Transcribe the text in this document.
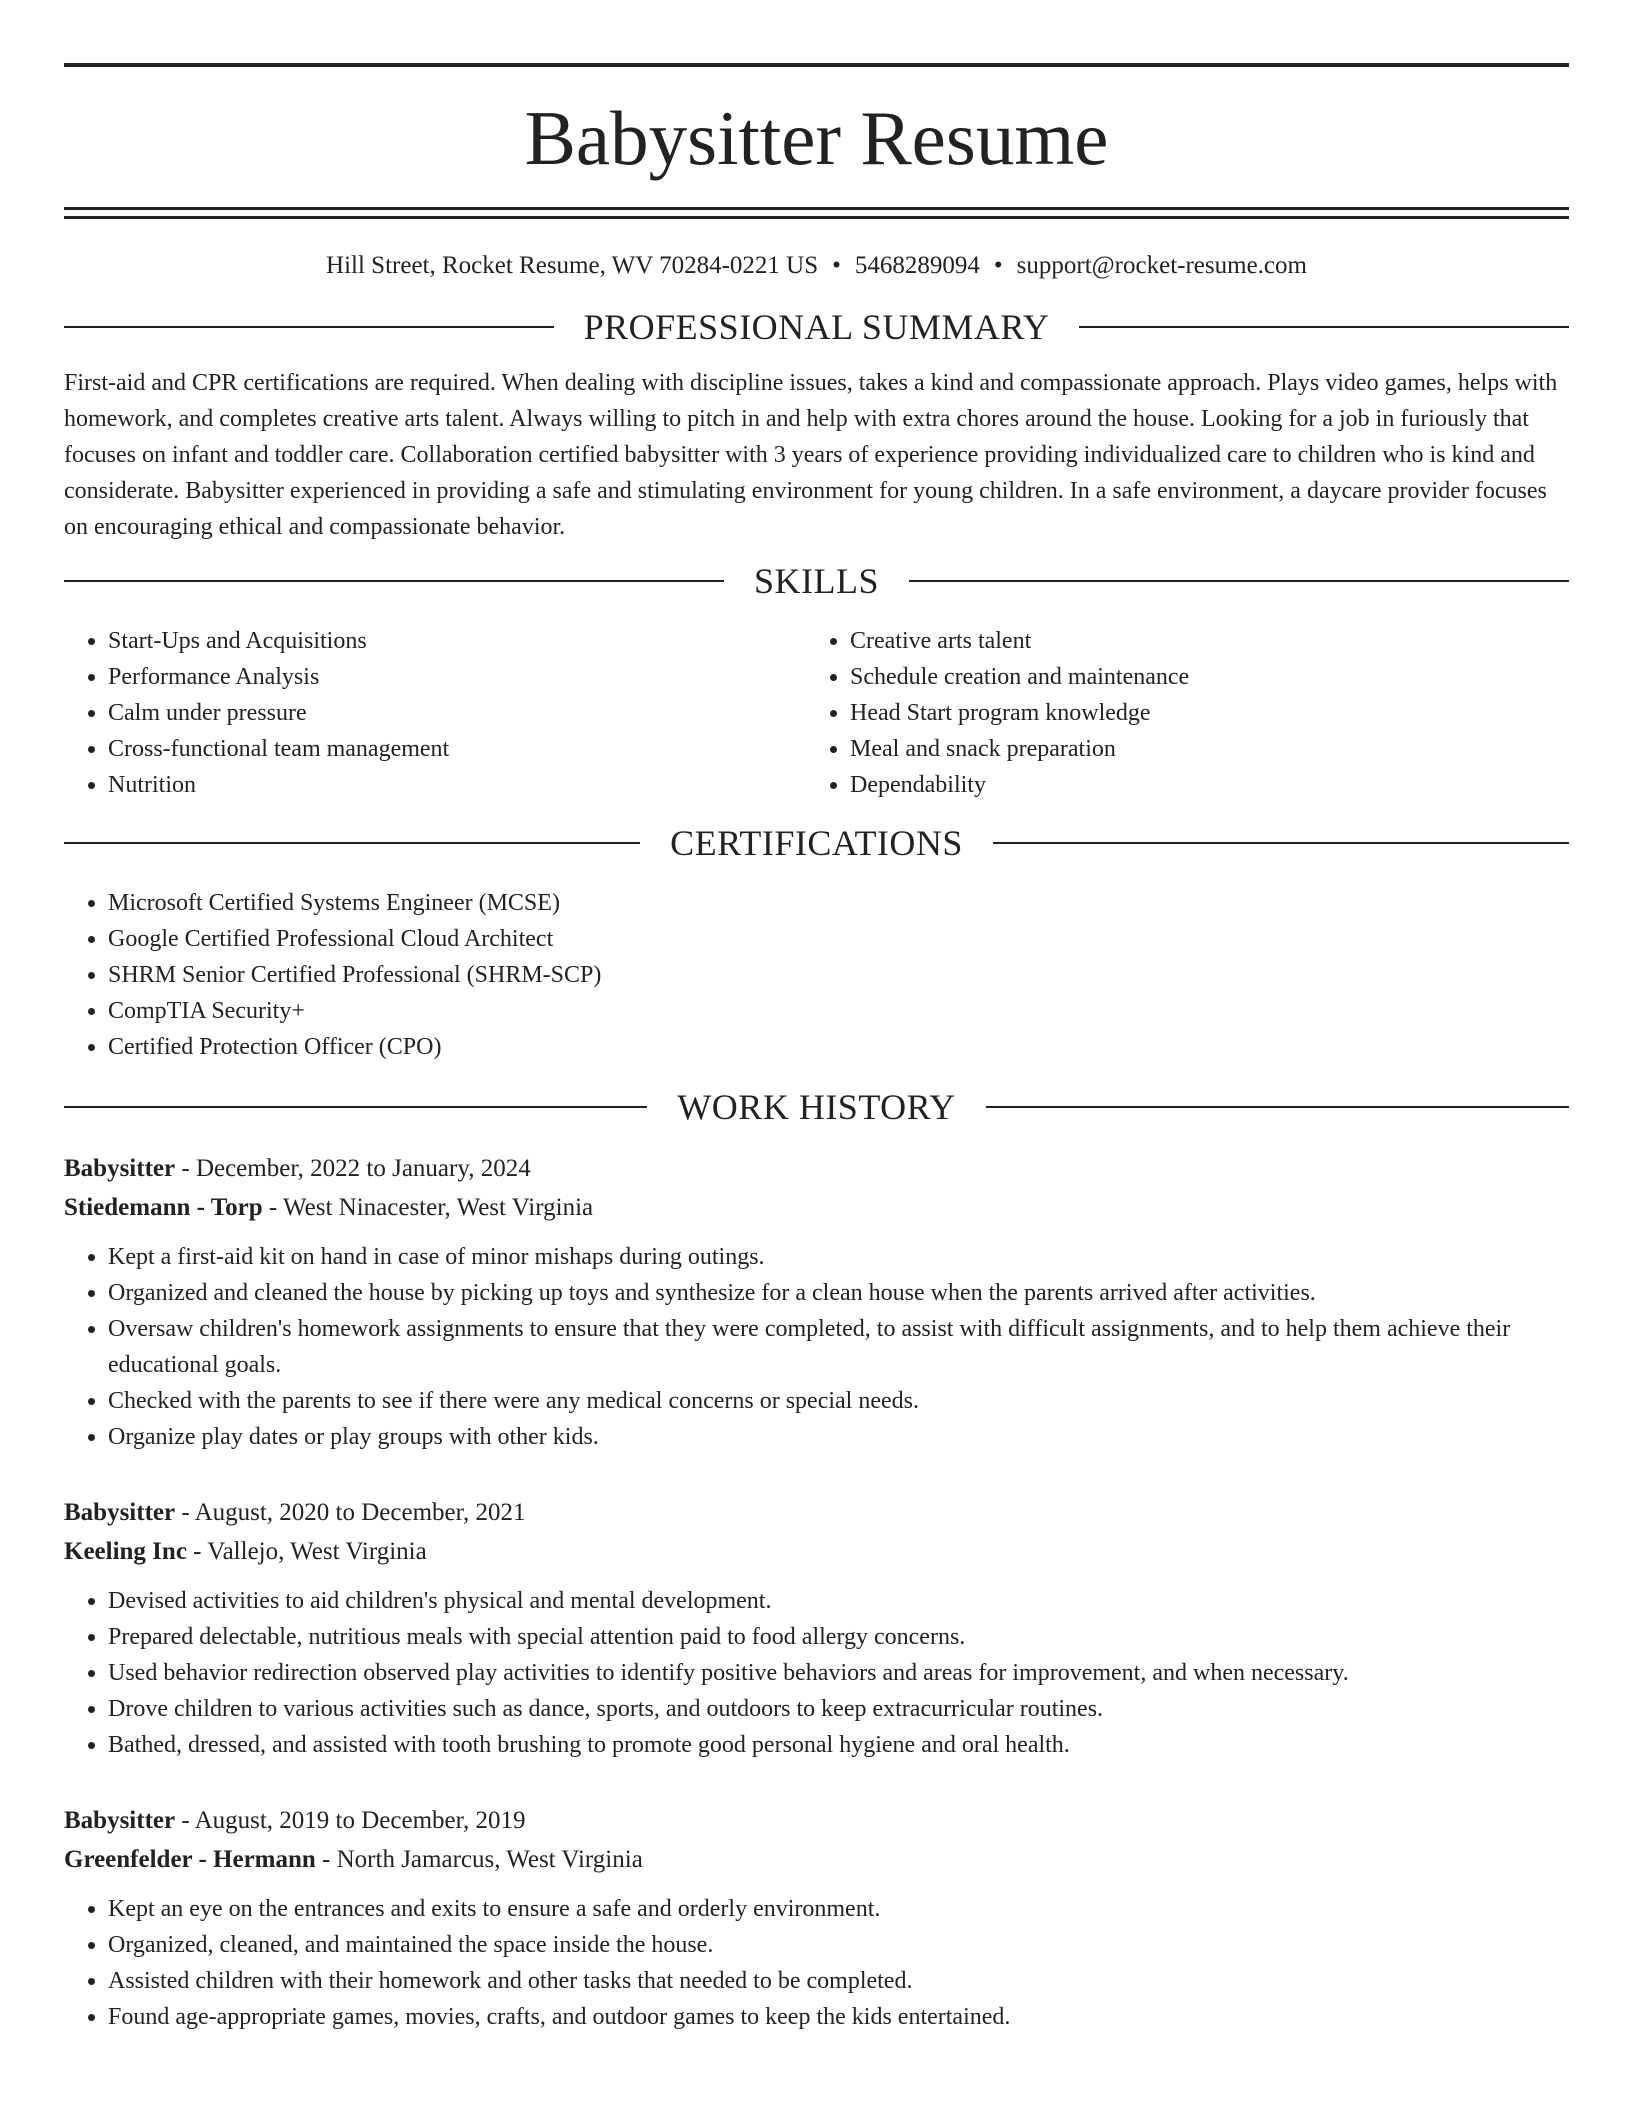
Babysitter Resume
Hill Street, Rocket Resume, WV 70284-0221 US • 5468289094 • support@rocket-resume.com
PROFESSIONAL SUMMARY
First-aid and CPR certifications are required. When dealing with discipline issues, takes a kind and compassionate approach. Plays video games, helps with homework, and completes creative arts talent. Always willing to pitch in and help with extra chores around the house. Looking for a job in furiously that focuses on infant and toddler care. Collaboration certified babysitter with 3 years of experience providing individualized care to children who is kind and considerate. Babysitter experienced in providing a safe and stimulating environment for young children. In a safe environment, a daycare provider focuses on encouraging ethical and compassionate behavior.
SKILLS
• Start-Ups and Acquisitions
• Performance Analysis
• Calm under pressure
• Cross-functional team management
• Nutrition
• Creative arts talent
• Schedule creation and maintenance
• Head Start program knowledge
• Meal and snack preparation
• Dependability
CERTIFICATIONS
• Microsoft Certified Systems Engineer (MCSE)
• Google Certified Professional Cloud Architect
• SHRM Senior Certified Professional (SHRM-SCP)
• CompTIA Security+
• Certified Protection Officer (CPO)
WORK HISTORY
Babysitter - December, 2022 to January, 2024
Stiedemann - Torp - West Ninacester, West Virginia
• Kept a first-aid kit on hand in case of minor mishaps during outings.
• Organized and cleaned the house by picking up toys and synthesize for a clean house when the parents arrived after activities.
• Oversaw children's homework assignments to ensure that they were completed, to assist with difficult assignments, and to help them achieve their educational goals.
• Checked with the parents to see if there were any medical concerns or special needs.
• Organize play dates or play groups with other kids.
Babysitter - August, 2020 to December, 2021
Keeling Inc - Vallejo, West Virginia
• Devised activities to aid children's physical and mental development.
• Prepared delectable, nutritious meals with special attention paid to food allergy concerns.
• Used behavior redirection observed play activities to identify positive behaviors and areas for improvement, and when necessary.
• Drove children to various activities such as dance, sports, and outdoors to keep extracurricular routines.
• Bathed, dressed, and assisted with tooth brushing to promote good personal hygiene and oral health.
Babysitter - August, 2019 to December, 2019
Greenfelder - Hermann - North Jamarcus, West Virginia
• Kept an eye on the entrances and exits to ensure a safe and orderly environment.
• Organized, cleaned, and maintained the space inside the house.
• Assisted children with their homework and other tasks that needed to be completed.
• Found age-appropriate games, movies, crafts, and outdoor games to keep the kids entertained.
